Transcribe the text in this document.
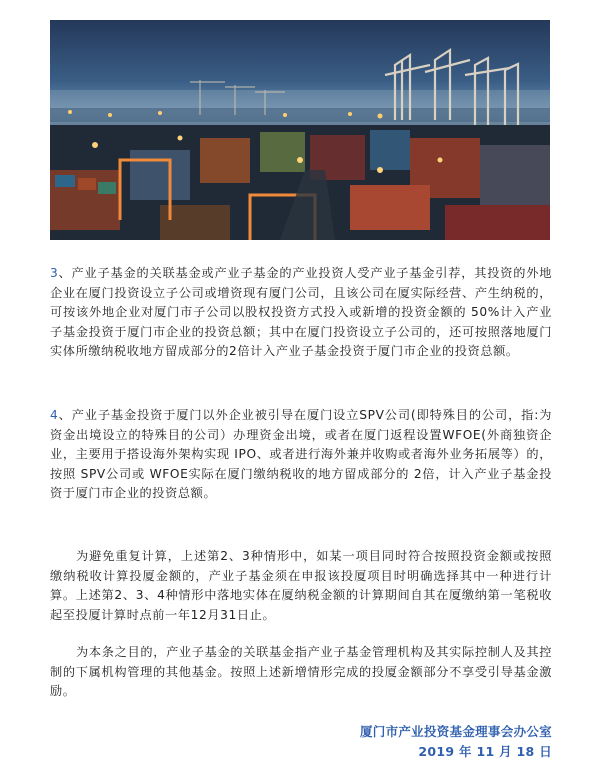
3、产业子基金的关联基金或产业子基金的产业投资人受产业子基金引荐，其投资的外地企业在厦门投资设立子公司或增资现有厦门公司，且该公司在厦实际经营、产生纳税的，可按该外地企业对厦门市子公司以股权投资方式投入或新增的投资金额的 50%计入产业子基金投资于厦门市企业的投资总额；其中在厦门投资设立子公司的，还可按照落地厦门实体所缴纳税收地方留成部分的2倍计入产业子基金投资于厦门市企业的投资总额。

4、产业子基金投资于厦门以外企业被引导在厦门设立SPV公司(即特殊目的公司，指:为资金出境设立的特殊目的公司）办理资金出境，或者在厦门返程设置WFOE(外商独资企业，主要用于搭设海外架构实现 IPO、或者进行海外兼并收购或者海外业务拓展等）的，按照 SPV公司或 WFOE实际在厦门缴纳税收的地方留成部分的 2倍，计入产业子基金投资于厦门市企业的投资总额。

为避免重复计算，上述第2、3种情形中，如某一项目同时符合按照投资金额或按照缴纳税收计算投厦金额的，产业子基金须在申报该投厦项目时明确选择其中一种进行计算。上述第2、3、4种情形中落地实体在厦纳税金额的计算期间自其在厦缴纳第一笔税收起至投厦计算时点前一年12月31日止。

为本条之目的，产业子基金的关联基金指产业子基金管理机构及其实际控制人及其控制的下属机构管理的其他基金。按照上述新增情形完成的投厦金额部分不享受引导基金激励。

厦门市产业投资基金理事会办公室
2019 年 11 月 18 日
